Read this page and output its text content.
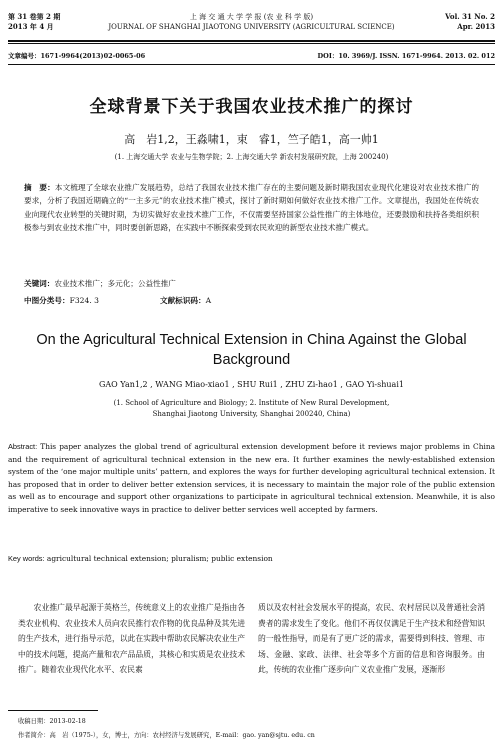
第 31 卷第 2 期
2013 年 4 月
上 海 交 通 大 学 学 报 (农 业 科 学 版)
JOURNAL OF SHANGHAI JIAOTONG UNIVERSITY (AGRICULTURAL SCIENCE)
Vol. 31 No. 2
Apr. 2013
文章编号：1671-9964(2013)02-0065-06	DOI：10. 3969/J. ISSN. 1671-9964. 2013. 02. 012
全球背景下关于我国农业技术推广的探讨
高　岩1,2，王淼啸1，束　睿1，竺子皓1，高一帅1
(1. 上海交通大学 农业与生物学院；2. 上海交通大学 新农村发展研究院，上海 200240)
摘　要：本文梳理了全球农业推广发展趋势，总结了我国农业技术推广存在的主要问题及新时期我国农业现代化建设对农业技术推广的要求，分析了我国近期确立的“一主多元”的农业技术推广模式，探讨了新时期如何做好农业技术推广工作。文章提出，我国处在传统农业向现代农业转型的关键时期，为切实做好农业技术推广工作，不仅需要坚持国家公益性推广的主体地位，还要鼓励和扶持各类组织积极参与到农业技术推广中，同时要创新思路，在实践中不断探索受到农民欢迎的新型农业技术推广模式。
关键词：农业技术推广；多元化；公益性推广
中图分类号：F324. 3	文献标识码：A
On the Agricultural Technical Extension in China Against the Global Background
GAO Yan1,2 , WANG Miao-xiao1 , SHU Rui1 , ZHU Zi-hao1 , GAO Yi-shuai1
(1. School of Agriculture and Biology; 2. Institute of New Rural Development,
Shanghai Jiaotong University, Shanghai 200240, China)
Abstract: This paper analyzes the global trend of agricultural extension development before it reviews major problems in China and the requirement of agricultural technical extension in the new era. It further examines the newly-established extension system of the ‘one major multiple units’ pattern, and explores the ways for further developing agricultural technical extension. It has proposed that in order to deliver better extension services, it is necessary to maintain the major role of the public extension as well as to encourage and support other organizations to participate in agricultural technical extension. Meanwhile, it is also imperative to seek innovative ways in practice to deliver better services well accepted by farmers.
Key words: agricultural technical extension; pluralism; public extension
　　农业推广最早起源于英格兰，传统意义上的农业推广是指由各类农业机构、农业技术人员向农民推行农作物的优良品种及其先进的生产技术，进行指导示范，以此在实践中帮助农民解决农业生产中的技术问题，提高产量和农产品品质，其核心和实质是农业技术推广。随着农业现代化水平、农民素
质以及农村社会发展水平的提高，农民、农村居民以及普通社会消费者的需求发生了变化。他们不再仅仅满足于生产技术和经营知识的一般性指导，而是有了更广泛的需求，需要得到科技、管理、市场、金融、家政、法律、社会等多个方面的信息和咨询服务。由此，传统的农业推广逐步向广义农业推广发展，逐渐形
收稿日期：2013-02-18
作者简介：高　岩（1975-），女，博士，方向：农村经济与发展研究，E-mail：gao. yan@sjtu. edu. cn
